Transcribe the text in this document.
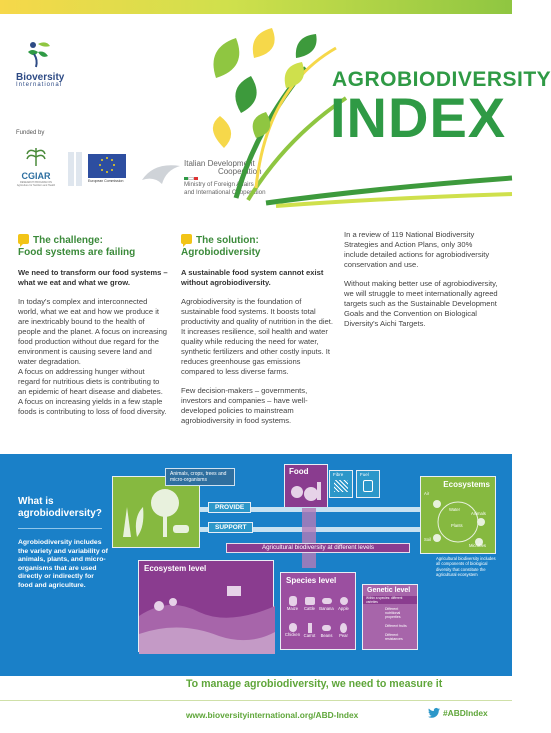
Bioversity
International
Funded by
CGIAR
RESEARCH PROGRAM ON Agriculture for Nutrition and Health
European Commission
Italian Development
Cooperation
Ministry of Foreign Affairs
and International Cooperation
AGROBIODIVERSITY
INDEX
The challenge:
Food systems are failing
We need to transform our food systems – what we eat and what we grow.
In today's complex and interconnected world, what we eat and how we produce it are inextricably bound to the health of people and the planet. A focus on increasing food production without due regard for the environment is causing severe land and water degradation.
A focus on addressing hunger without regard for nutritious diets is contributing to an epidemic of heart disease and diabetes. A focus on increasing yields in a few staple foods is contributing to loss of food diversity.
The solution:
Agrobiodiversity
A sustainable food system cannot exist without agrobiodiversity.
Agrobiodiversity is the foundation of sustainable food systems. It boosts total productivity and quality of nutrition in the diet. It increases resilience, soil health and water quality while reducing the need for water, synthetic fertilizers and other costly inputs. It reduces greenhouse gas emissions compared to less diverse farms.
Few decision-makers – governments, investors and companies – have well-developed policies to mainstream agrobiodiversity in food systems.
In a review of 119 National Biodiversity Strategies and Action Plans, only 30% include detailed actions for agrobiodiversity conservation and use.
Without making better use of agrobiodiversity, we will struggle to meet internationally agreed targets such as the Sustainable Development Goals and the Convention on Biological Diversity's Aichi Targets.
What is agrobiodiversity?
Agrobiodiversity includes the variety and variability of animals, plants, and micro-organisms that are used directly or indirectly for food and agriculture.
Animals, crops, trees and micro-organisms
Food	Fibre	Fuel
PROVIDE
SUPPORT
Ecosystems
Air
Water
Animals
Plants
Soil
Microbes
Agricultural biodiversity at different levels
Ecosystem level
Species level
Maize	Cattle	Banana	Apple
Chicken Carrot	Beans	Pear
Genetic level
Within a species: different varieties
Different nutritional properties
Different fruits
Different resistances
Agricultural biodiversity includes all components of biological diversity that constitute the agricultural ecosystem
To manage agrobiodiversity, we need to measure it
www.bioversityinternational.org/ABD-Index	#ABDIndex
